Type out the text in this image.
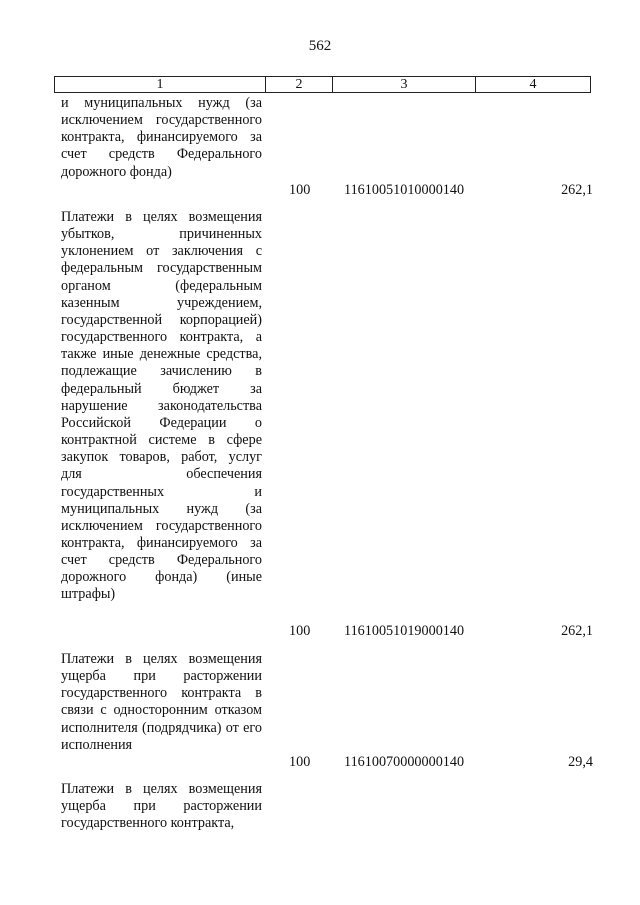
562
1	2	3	4
и муниципальных нужд (за исключением государственного контракта, финансируемого за счет средств Федерального дорожного фонда)
100	11610051010000140	262,1
Платежи в целях возмещения убытков, причиненных уклонением от заключения с федеральным государственным органом (федеральным казенным учреждением, государственной корпорацией) государственного контракта, а также иные денежные средства, подлежащие зачислению в федеральный бюджет за нарушение законодательства Российской Федерации о контрактной системе в сфере закупок товаров, работ, услуг для обеспечения государственных и муниципальных нужд (за исключением государственного контракта, финансируемого за счет средств Федерального дорожного фонда) (иные штрафы)
100	11610051019000140	262,1
Платежи в целях возмещения ущерба при расторжении государственного контракта в связи с односторонним отказом исполнителя (подрядчика) от его исполнения
100	11610070000000140	29,4
Платежи в целях возмещения ущерба при расторжении государственного контракта,
